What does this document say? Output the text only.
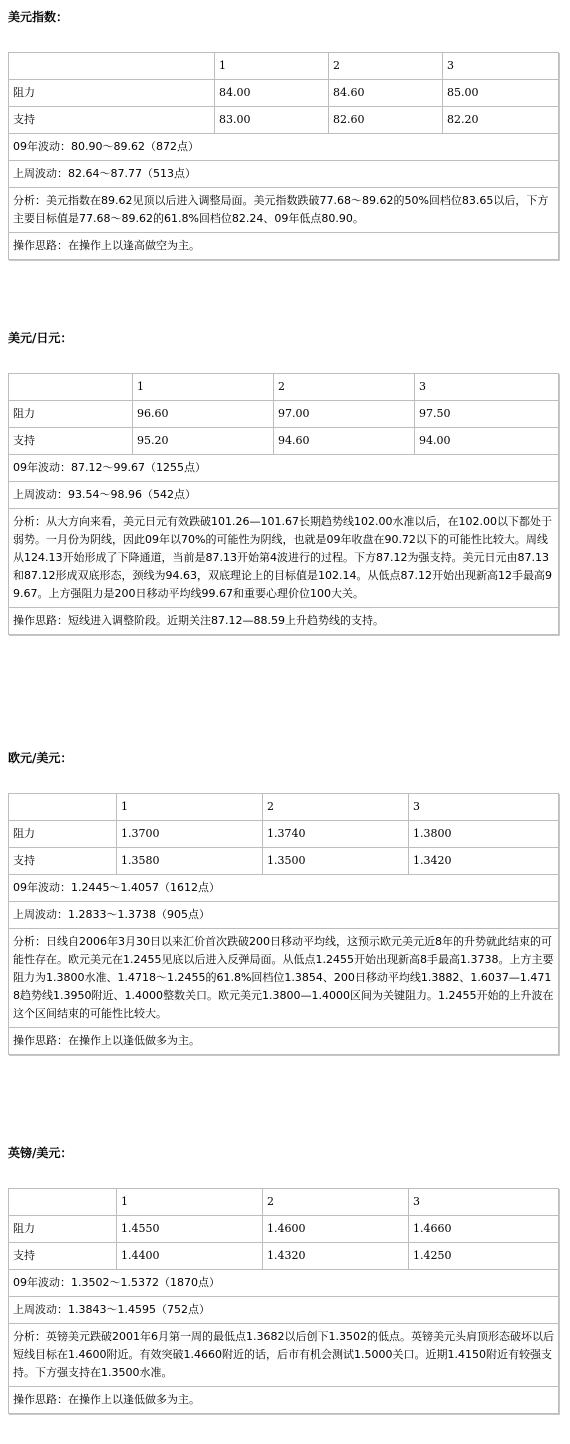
美元指数：
	1	2	3
阻力	84.00	84.60	85.00
支持	83.00	82.60	82.20
09年波动：80.90～89.62（872点）			
上周波动：82.64～87.77（513点）			
分析：美元指数在89.62见顶以后进入调整局面。美元指数跌破77.68～89.62的50%回档位83.65以后，下方主要目标值是77.68～89.62的61.8%回档位82.24、09年低点80.90。			
操作思路：在操作上以逢高做空为主。			
美元/日元：
	1	2	3
阻力	96.60	97.00	97.50
支持	95.20	94.60	94.00
09年波动：87.12～99.67（1255点）			
上周波动：93.54～98.96（542点）			
分析：从大方向来看，美元日元有效跌破101.26—101.67长期趋势线102.00水准以后，在102.00以下都处于弱势。一月份为阴线，因此09年以70%的可能性为阴线，也就是09年收盘在90.72以下的可能性比较大。周线从124.13开始形成了下降通道，当前是87.13开始第4波进行的过程。下方87.12为强支持。美元日元由87.13和87.12形成双底形态，颈线为94.63，双底理论上的目标值是102.14。从低点87.12开始出现新高12手最高99.67。上方强阻力是200日移动平均线99.67和重要心理价位100大关。			
操作思路：短线进入调整阶段。近期关注87.12—88.59上升趋势线的支持。			
欧元/美元：
	1	2	3
阻力	1.3700	1.3740	1.3800
支持	1.3580	1.3500	1.3420
09年波动：1.2445～1.4057（1612点）			
上周波动：1.2833～1.3738（905点）			
分析：日线自2006年3月30日以来汇价首次跌破200日移动平均线，这预示欧元美元近8年的升势就此结束的可能性存在。欧元美元在1.2455见底以后进入反弹局面。从低点1.2455开始出现新高8手最高1.3738。上方主要阻力为1.3800水准、1.4718～1.2455的61.8%回档位1.3854、200日移动平均线1.3882、1.6037—1.4718趋势线1.3950附近、1.4000整数关口。欧元美元1.3800—1.4000区间为关键阻力。1.2455开始的上升波在这个区间结束的可能性比较大。			
操作思路：在操作上以逢低做多为主。			
英镑/美元：
	1	2	3
阻力	1.4550	1.4600	1.4660
支持	1.4400	1.4320	1.4250
09年波动：1.3502～1.5372（1870点）			
上周波动：1.3843～1.4595（752点）			
分析：英镑美元跌破2001年6月第一周的最低点1.3682以后创下1.3502的低点。英镑美元头肩顶形态破坏以后短线目标在1.4600附近。有效突破1.4660附近的话，后市有机会测试1.5000关口。近期1.4150附近有较强支持。下方强支持在1.3500水准。			
操作思路：在操作上以逢低做多为主。			
